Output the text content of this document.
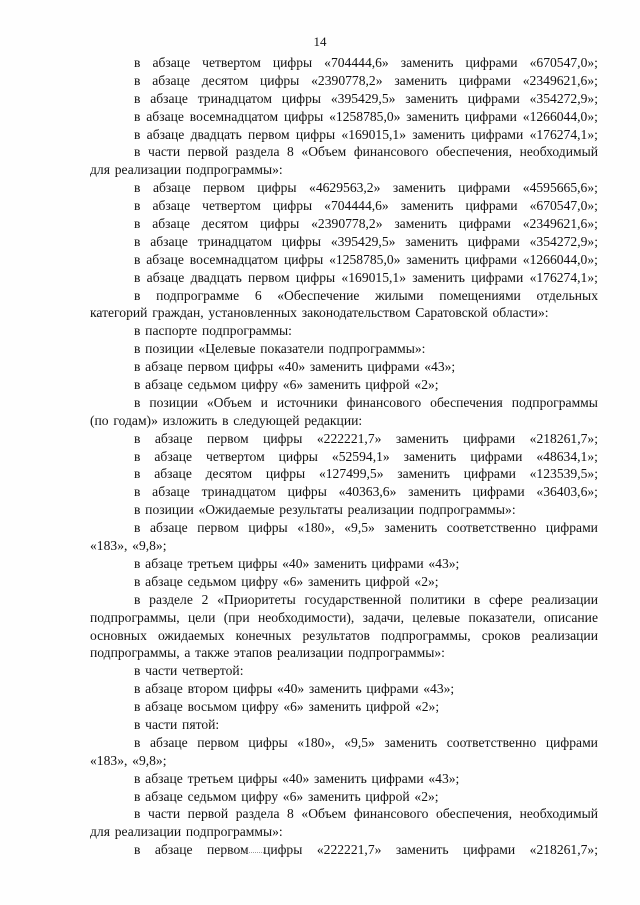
14
в абзаце четвертом цифры «704444,6» заменить цифрами «670547,0»;
в абзаце десятом цифры «2390778,2» заменить цифрами «2349621,6»;
в абзаце тринадцатом цифры «395429,5» заменить цифрами «354272,9»;
в абзаце восемнадцатом цифры «1258785,0» заменить цифрами «1266044,0»;
в абзаце двадцать первом цифры «169015,1» заменить цифрами «176274,1»;
в части первой раздела 8 «Объем финансового обеспечения, необходимый
для реализации подпрограммы»:
в абзаце первом цифры «4629563,2» заменить цифрами «4595665,6»;
в абзаце четвертом цифры «704444,6» заменить цифрами «670547,0»;
в абзаце десятом цифры «2390778,2» заменить цифрами «2349621,6»;
в абзаце тринадцатом цифры «395429,5» заменить цифрами «354272,9»;
в абзаце восемнадцатом цифры «1258785,0» заменить цифрами «1266044,0»;
в абзаце двадцать первом цифры «169015,1» заменить цифрами «176274,1»;
в подпрограмме 6 «Обеспечение жилыми помещениями отдельных
категорий граждан, установленных законодательством Саратовской области»:
в паспорте подпрограммы:
в позиции «Целевые показатели подпрограммы»:
в абзаце первом цифры «40» заменить цифрами «43»;
в абзаце седьмом цифру «6» заменить цифрой «2»;
в позиции «Объем и источники финансового обеспечения подпрограммы
(по годам)» изложить в следующей редакции:
в абзаце первом цифры «222221,7» заменить цифрами «218261,7»;
в абзаце четвертом цифры «52594,1» заменить цифрами «48634,1»;
в абзаце десятом цифры «127499,5» заменить цифрами «123539,5»;
в абзаце тринадцатом цифры «40363,6» заменить цифрами «36403,6»;
в позиции «Ожидаемые результаты реализации подпрограммы»:
в абзаце первом цифры «180», «9,5» заменить соответственно цифрами
«183», «9,8»;
в абзаце третьем цифры «40» заменить цифрами «43»;
в абзаце седьмом цифру «6» заменить цифрой «2»;
в разделе 2 «Приоритеты государственной политики в сфере реализации
подпрограммы, цели (при необходимости), задачи, целевые показатели, описание
основных ожидаемых конечных результатов подпрограммы, сроков реализации
подпрограммы, а также этапов реализации подпрограммы»:
в части четвертой:
в абзаце втором цифры «40» заменить цифрами «43»;
в абзаце восьмом цифру «6» заменить цифрой «2»;
в части пятой:
в абзаце первом цифры «180», «9,5» заменить соответственно цифрами
«183», «9,8»;
в абзаце третьем цифры «40» заменить цифрами «43»;
в абзаце седьмом цифру «6» заменить цифрой «2»;
в части первой раздела 8 «Объем финансового обеспечения, необходимый
для реализации подпрограммы»:
в абзаце первом цифры «222221,7» заменить цифрами «218261,7»;
